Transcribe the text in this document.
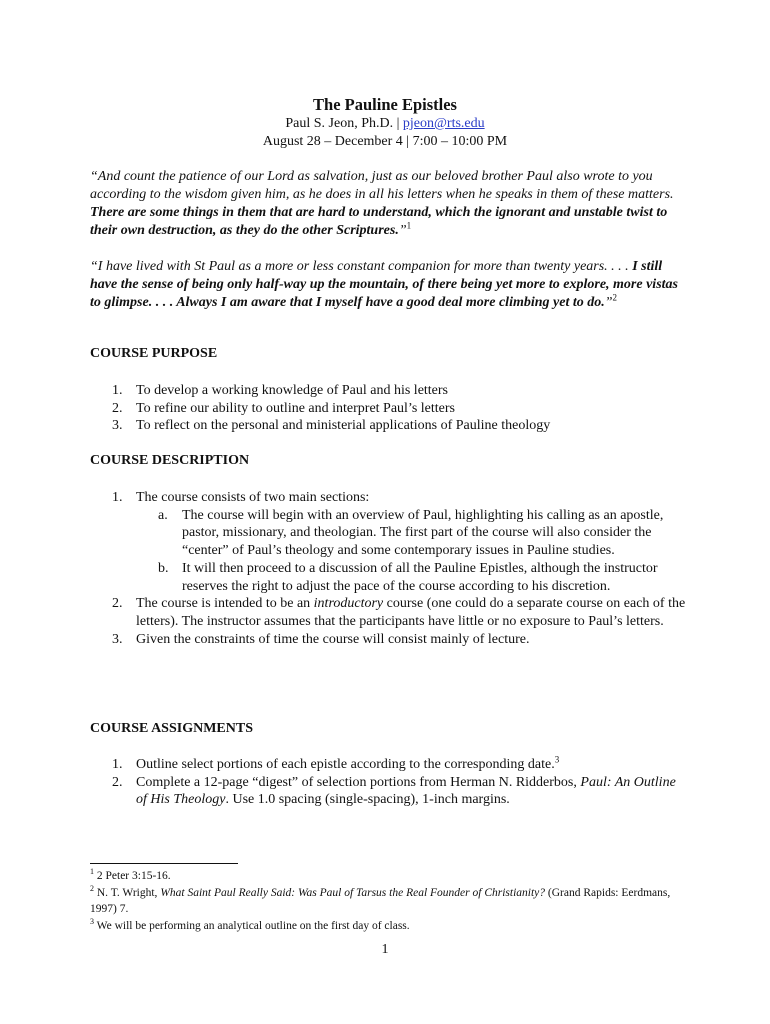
The Pauline Epistles
Paul S. Jeon, Ph.D. | pjeon@rts.edu
August 28 – December 4 | 7:00 – 10:00 PM
“And count the patience of our Lord as salvation, just as our beloved brother Paul also wrote to you according to the wisdom given him, as he does in all his letters when he speaks in them of these matters. There are some things in them that are hard to understand, which the ignorant and unstable twist to their own destruction, as they do the other Scriptures.”$^1$
“I have lived with St Paul as a more or less constant companion for more than twenty years. . . . I still have the sense of being only half-way up the mountain, of there being yet more to explore, more vistas to glimpse. . . . Always I am aware that I myself have a good deal more climbing yet to do.”$^2$
COURSE PURPOSE
1. To develop a working knowledge of Paul and his letters
2. To refine our ability to outline and interpret Paul’s letters
3. To reflect on the personal and ministerial applications of Pauline theology
COURSE DESCRIPTION
1. The course consists of two main sections:
a. The course will begin with an overview of Paul, highlighting his calling as an apostle, pastor, missionary, and theologian. The first part of the course will also consider the “center” of Paul’s theology and some contemporary issues in Pauline studies.
b. It will then proceed to a discussion of all the Pauline Epistles, although the instructor reserves the right to adjust the pace of the course according to his discretion.
2. The course is intended to be an introductory course (one could do a separate course on each of the letters). The instructor assumes that the participants have little or no exposure to Paul’s letters.
3. Given the constraints of time the course will consist mainly of lecture.
COURSE ASSIGNMENTS
1. Outline select portions of each epistle according to the corresponding date.$^3$
2. Complete a 12-page “digest” of selection portions from Herman N. Ridderbos, Paul: An Outline of His Theology. Use 1.0 spacing (single-spacing), 1-inch margins.
$^1$ 2 Peter 3:15-16.
$^2$ N. T. Wright, What Saint Paul Really Said: Was Paul of Tarsus the Real Founder of Christianity? (Grand Rapids: Eerdmans, 1997) 7.
$^3$ We will be performing an analytical outline on the first day of class.
1
